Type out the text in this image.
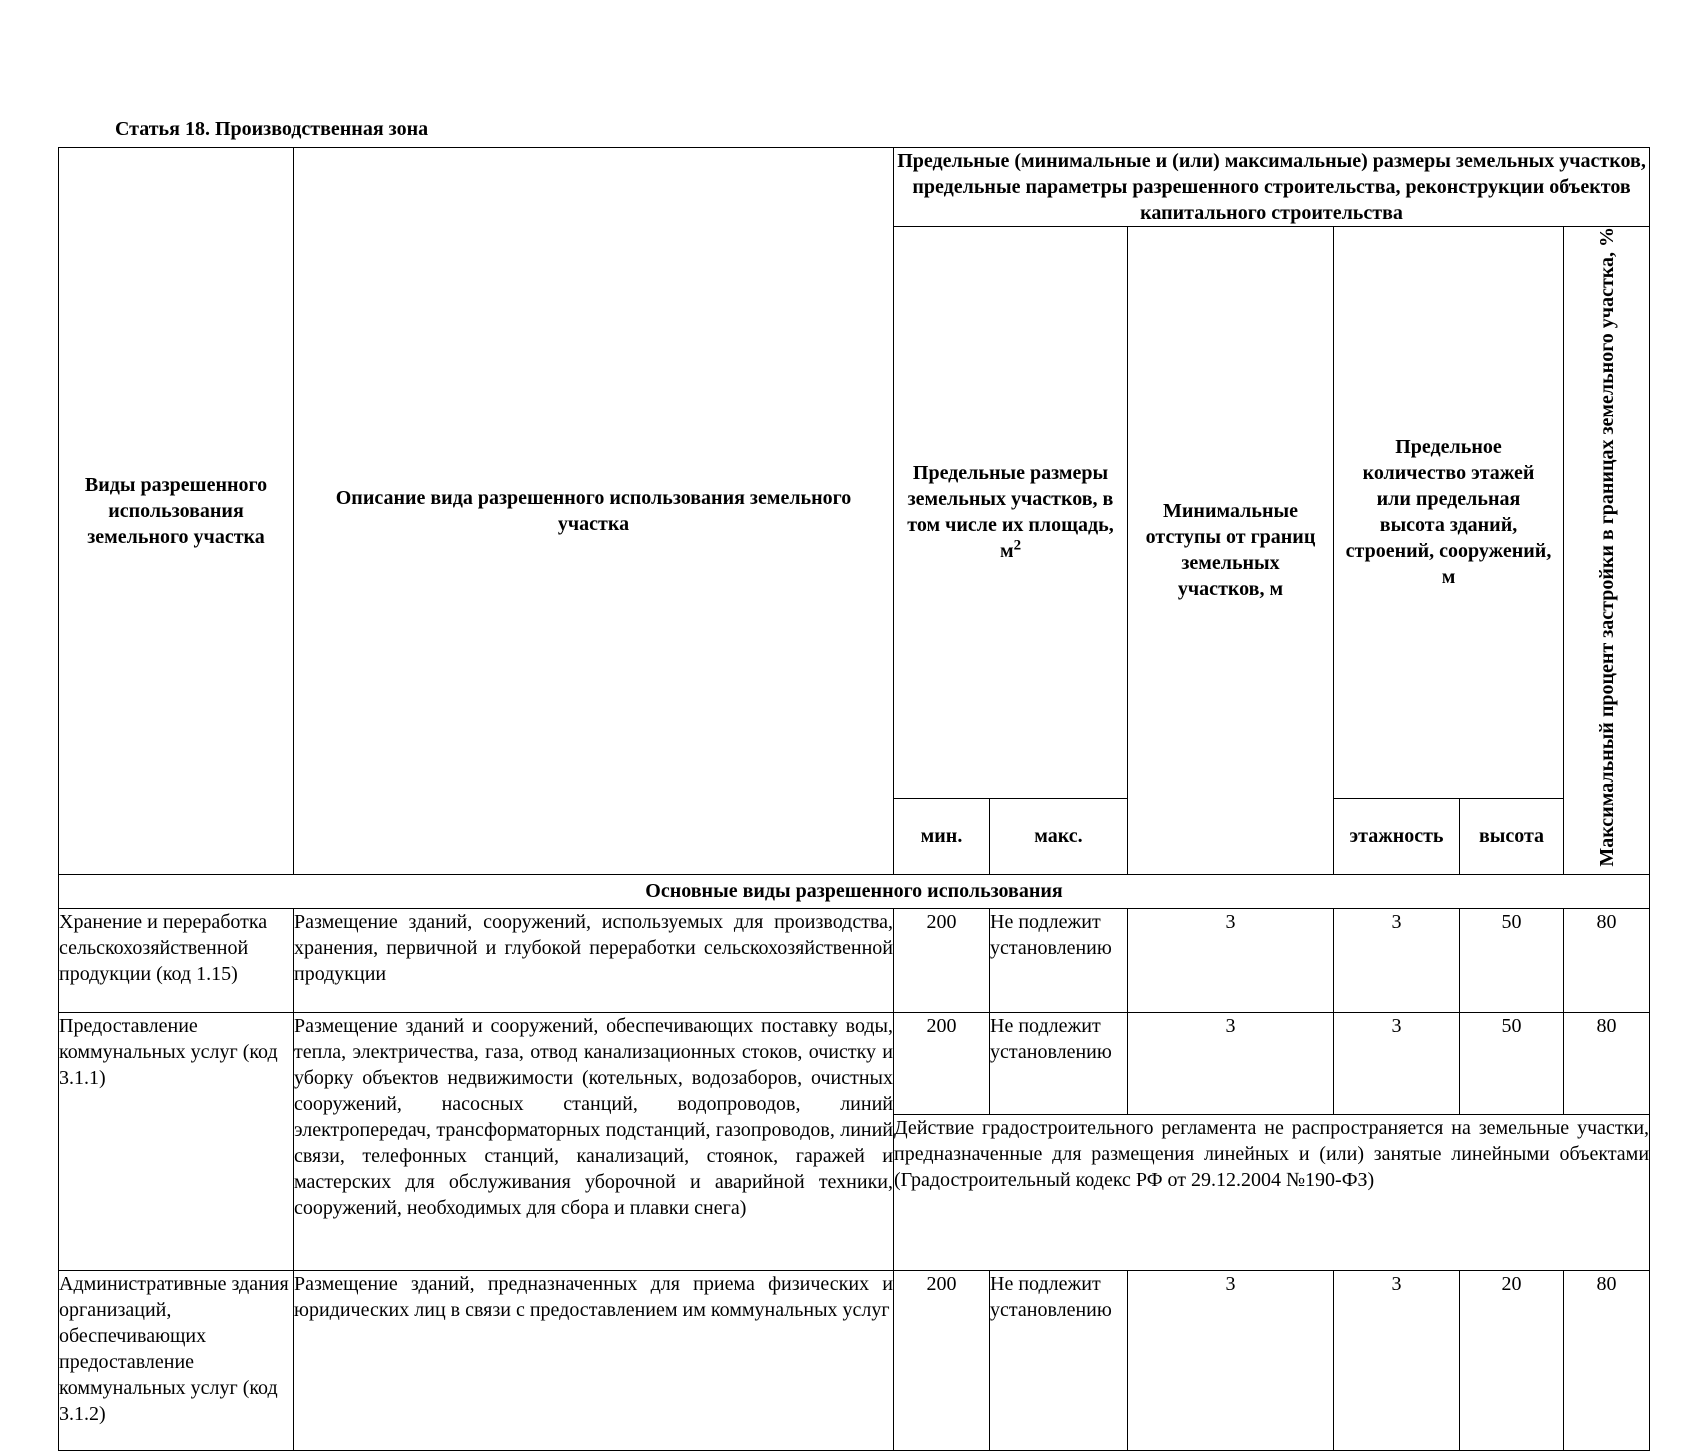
Статья 18. Производственная зона
Виды разрешенного использования земельного участка	Описание вида разрешенного использования земельного участка	Предельные (минимальные и (или) максимальные) размеры земельных участков, предельные параметры разрешенного строительства, реконструкции объектов капитального строительства					
		Предельные размеры земельных участков, в том числе их площадь, $м^2$		Минимальные отступы от границ земельных участков, м	Предельное количество этажей или предельная высота зданий, строений, сооружений, м		Максимальный процент застройки в границах земельного участка, %
		мин.	макс.		этажность	высота	
Основные виды разрешенного использования							
Хранение и переработка сельскохозяйственной продукции (код 1.15)	Размещение зданий, сооружений, используемых для производства, хранения, первичной и глубокой переработки сельскохозяйственной продукции	200	Не подлежит установлению	3	3	50	80
Предоставление коммунальных услуг (код 3.1.1)	Размещение зданий и сооружений, обеспечивающих поставку воды, тепла, электричества, газа, отвод канализационных стоков, очистку и уборку объектов недвижимости (котельных, водозаборов, очистных сооружений, насосных станций, водопроводов, линий электропередач, трансформаторных подстанций, газопроводов, линий связи, телефонных станций, канализаций, стоянок, гаражей и мастерских для обслуживания уборочной и аварийной техники, сооружений, необходимых для сбора и плавки снега)	200	Не подлежит установлению	3	3	50	80
		Действие градостроительного регламента не распространяется на земельные участки, предназначенные для размещения линейных и (или) занятые линейными объектами (Градостроительный кодекс РФ от 29.12.2004 №190-ФЗ)					
Административные здания организаций, обеспечивающих предоставление коммунальных услуг (код 3.1.2)	Размещение зданий, предназначенных для приема физических и юридических лиц в связи с предоставлением им коммунальных услуг	200	Не подлежит установлению	3	3	20	80
